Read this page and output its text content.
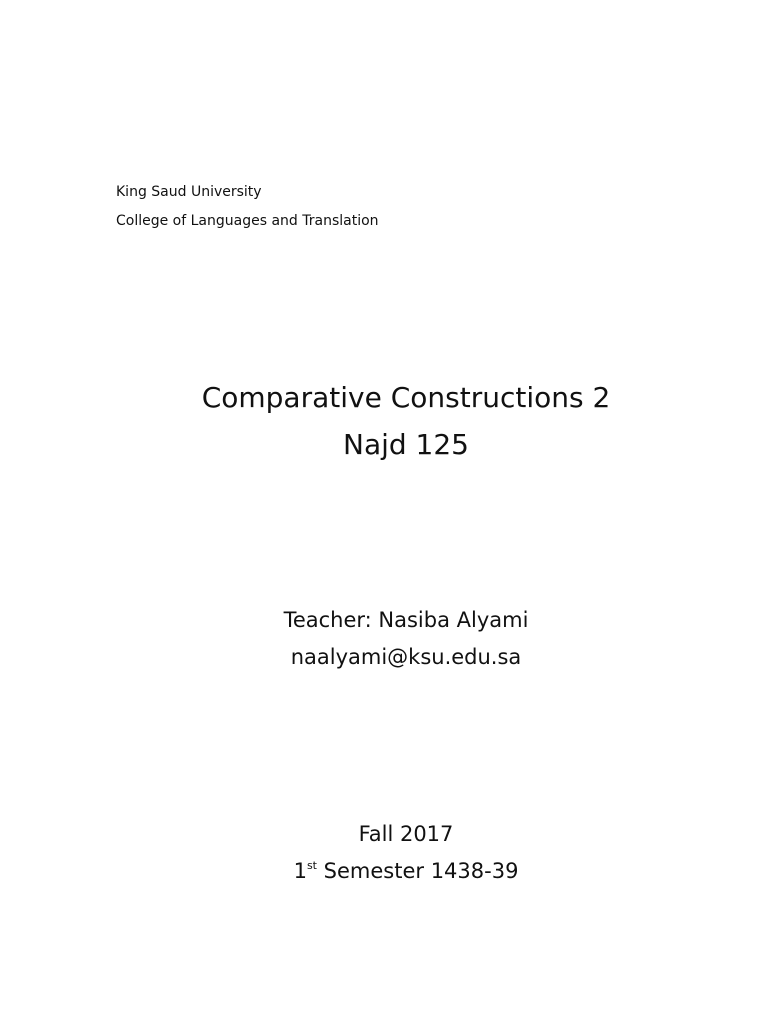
King Saud University
College of Languages and Translation
Comparative Constructions 2
Najd 125
Teacher: Nasiba Alyami
naalyami@ksu.edu.sa
Fall 2017
1st Semester 1438-39
